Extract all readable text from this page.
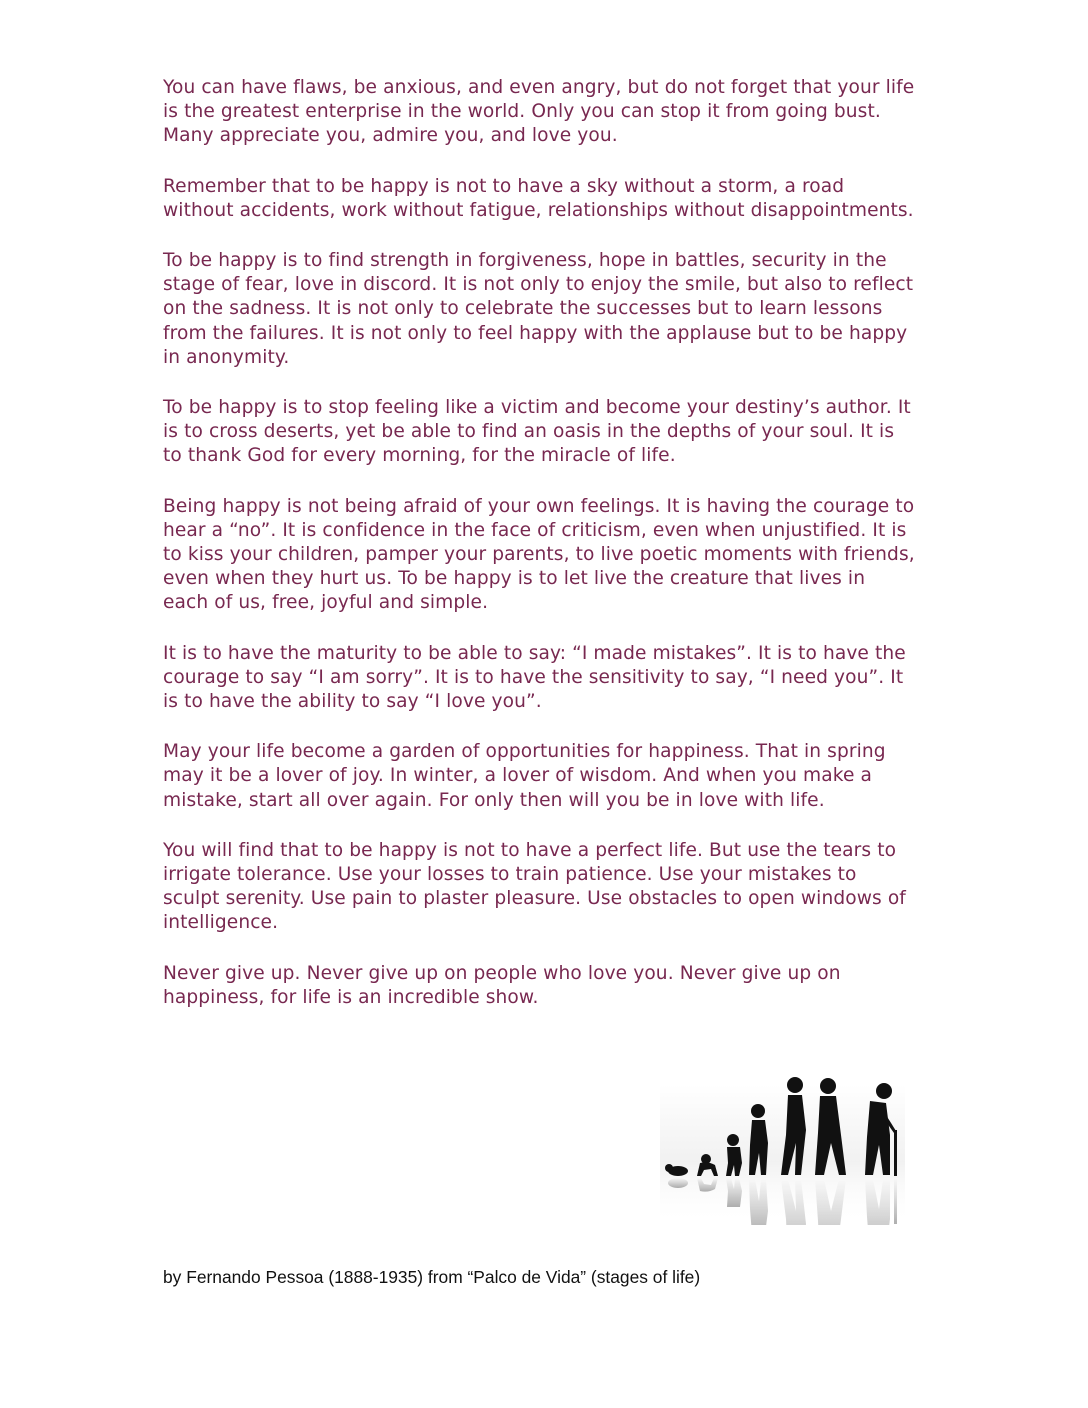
You can have flaws, be anxious, and even angry, but do not forget that your life is the greatest enterprise in the world. Only you can stop it from going bust. Many appreciate you, admire you, and love you.

Remember that to be happy is not to have a sky without a storm, a road without accidents, work without fatigue, relationships without disappointments.

To be happy is to find strength in forgiveness, hope in battles, security in the stage of fear, love in discord. It is not only to enjoy the smile, but also to reflect on the sadness. It is not only to celebrate the successes but to learn lessons from the failures. It is not only to feel happy with the applause but to be happy in anonymity.

To be happy is to stop feeling like a victim and become your destiny’s author. It is to cross deserts, yet be able to find an oasis in the depths of your soul. It is to thank God for every morning, for the miracle of life.

Being happy is not being afraid of your own feelings. It is having the courage to hear a “no”. It is confidence in the face of criticism, even when unjustified. It is to kiss your children, pamper your parents, to live poetic moments with friends, even when they hurt us. To be happy is to let live the creature that lives in each of us, free, joyful and simple.

It is to have the maturity to be able to say: “I made mistakes”. It is to have the courage to say “I am sorry”. It is to have the sensitivity to say, “I need you”. It is to have the ability to say “I love you”.

May your life become a garden of opportunities for happiness. That in spring may it be a lover of joy. In winter, a lover of wisdom. And when you make a mistake, start all over again. For only then will you be in love with life.

You will find that to be happy is not to have a perfect life. But use the tears to irrigate tolerance. Use your losses to train patience. Use your mistakes to sculpt serenity. Use pain to plaster pleasure. Use obstacles to open windows of intelligence.

Never give up. Never give up on people who love you. Never give up on happiness, for life is an incredible show.

by Fernando Pessoa (1888-1935) from “Palco de Vida” (stages of life)
